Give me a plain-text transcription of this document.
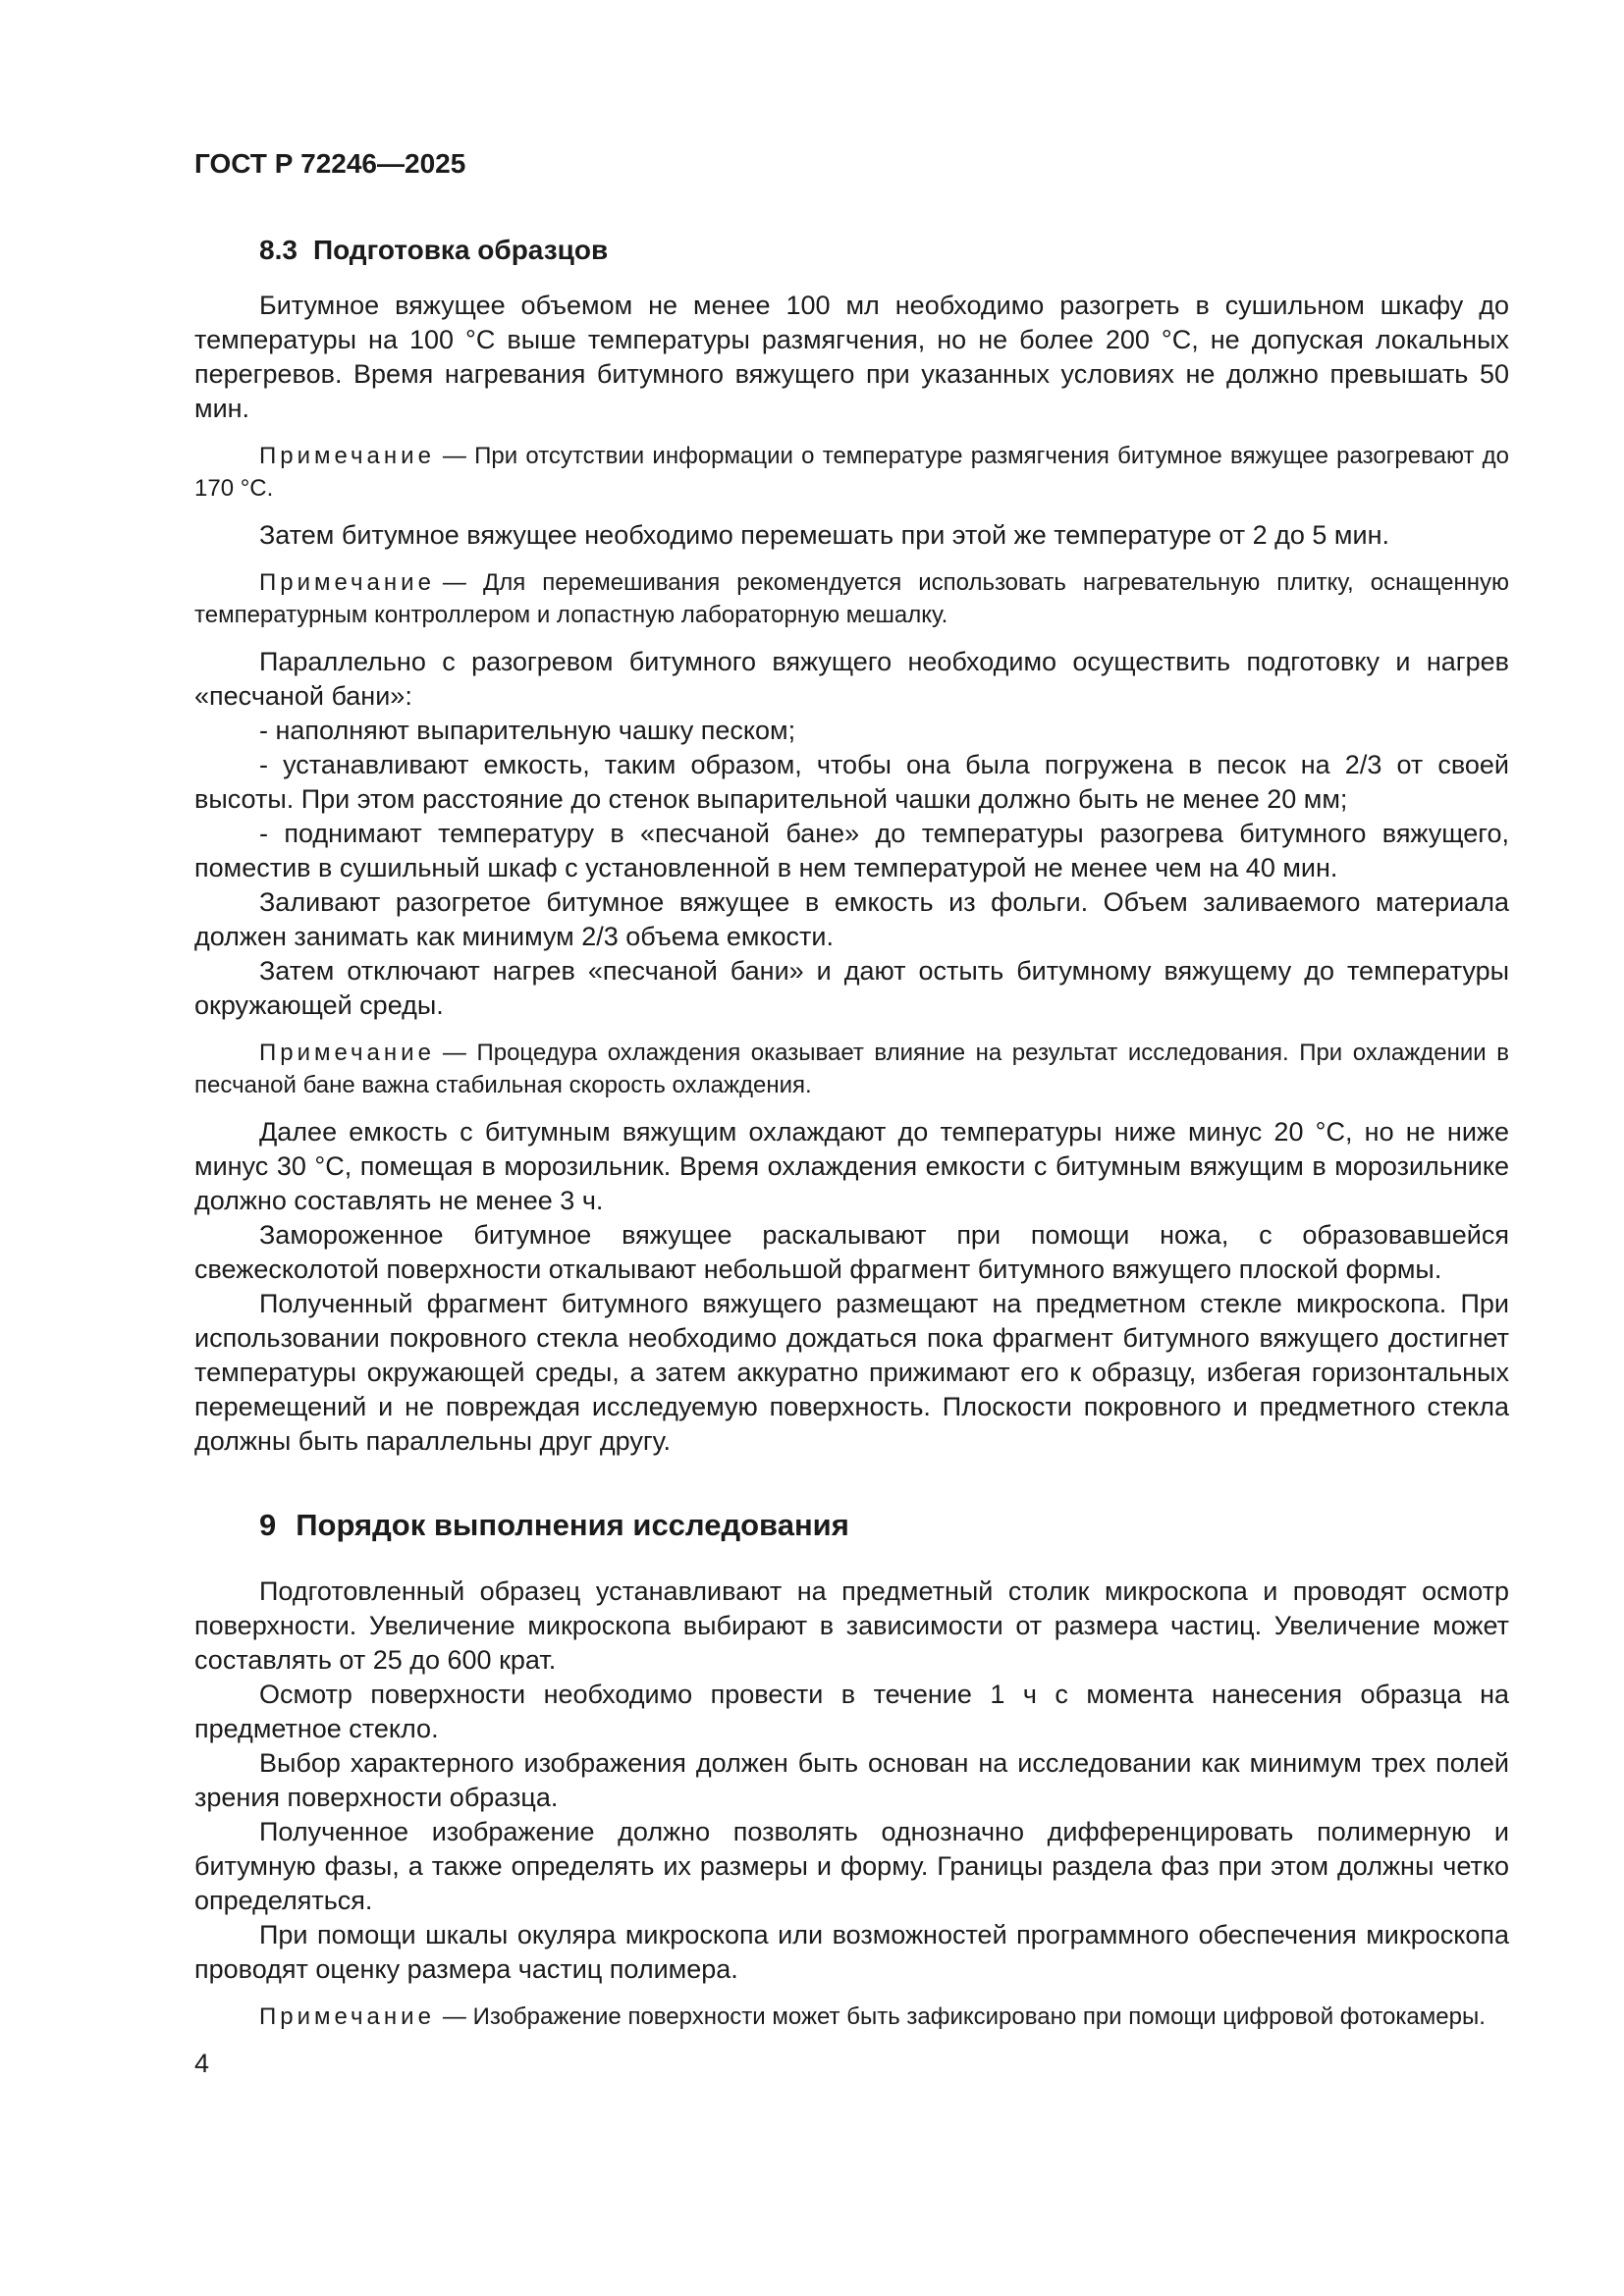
ГОСТ Р 72246—2025

8.3 Подготовка образцов

Битумное вяжущее объемом не менее 100 мл необходимо разогреть в сушильном шкафу до температуры на 100 °С выше температуры размягчения, но не более 200 °С, не допуская локальных перегревов. Время нагревания битумного вяжущего при указанных условиях не должно превышать 50 мин.

Примечание — При отсутствии информации о температуре размягчения битумное вяжущее разогревают до 170 °С.

Затем битумное вяжущее необходимо перемешать при этой же температуре от 2 до 5 мин.

Примечание — Для перемешивания рекомендуется использовать нагревательную плитку, оснащенную температурным контроллером и лопастную лабораторную мешалку.

Параллельно с разогревом битумного вяжущего необходимо осуществить подготовку и нагрев «песчаной бани»:

- наполняют выпарительную чашку песком;

- устанавливают емкость, таким образом, чтобы она была погружена в песок на 2/3 от своей высоты. При этом расстояние до стенок выпарительной чашки должно быть не менее 20 мм;

- поднимают температуру в «песчаной бане» до температуры разогрева битумного вяжущего, поместив в сушильный шкаф с установленной в нем температурой не менее чем на 40 мин.

Заливают разогретое битумное вяжущее в емкость из фольги. Объем заливаемого материала должен занимать как минимум 2/3 объема емкости.

Затем отключают нагрев «песчаной бани» и дают остыть битумному вяжущему до температуры окружающей среды.

Примечание — Процедура охлаждения оказывает влияние на результат исследования. При охлаждении в песчаной бане важна стабильная скорость охлаждения.

Далее емкость с битумным вяжущим охлаждают до температуры ниже минус 20 °С, но не ниже минус 30 °С, помещая в морозильник. Время охлаждения емкости с битумным вяжущим в морозильнике должно составлять не менее 3 ч.

Замороженное битумное вяжущее раскалывают при помощи ножа, с образовавшейся свежесколотой поверхности откалывают небольшой фрагмент битумного вяжущего плоской формы.

Полученный фрагмент битумного вяжущего размещают на предметном стекле микроскопа. При использовании покровного стекла необходимо дождаться пока фрагмент битумного вяжущего достигнет температуры окружающей среды, а затем аккуратно прижимают его к образцу, избегая горизонтальных перемещений и не повреждая исследуемую поверхность. Плоскости покровного и предметного стекла должны быть параллельны друг другу.

9 Порядок выполнения исследования

Подготовленный образец устанавливают на предметный столик микроскопа и проводят осмотр поверхности. Увеличение микроскопа выбирают в зависимости от размера частиц. Увеличение может составлять от 25 до 600 крат.

Осмотр поверхности необходимо провести в течение 1 ч с момента нанесения образца на предметное стекло.

Выбор характерного изображения должен быть основан на исследовании как минимум трех полей зрения поверхности образца.

Полученное изображение должно позволять однозначно дифференцировать полимерную и битумную фазы, а также определять их размеры и форму. Границы раздела фаз при этом должны четко определяться.

При помощи шкалы окуляра микроскопа или возможностей программного обеспечения микроскопа проводят оценку размера частиц полимера.

Примечание — Изображение поверхности может быть зафиксировано при помощи цифровой фотокамеры.

4
